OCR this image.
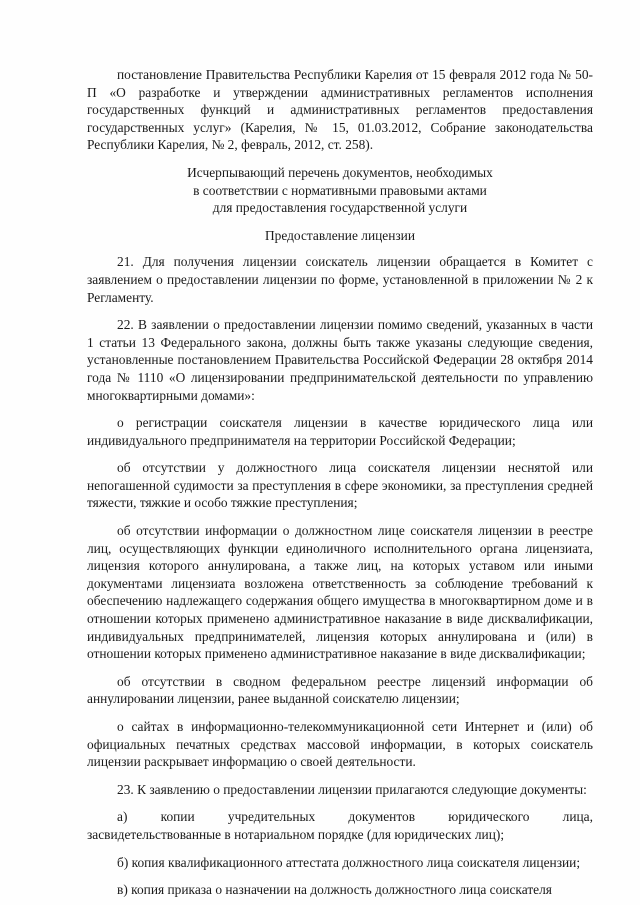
постановление Правительства Республики Карелия от 15 февраля 2012 года № 50-П «О разработке и утверждении административных регламентов исполнения государственных функций и административных регламентов предоставления государственных услуг» (Карелия, № 15, 01.03.2012, Собрание законодательства Республики Карелия, № 2, февраль, 2012, ст. 258).

Исчерпывающий перечень документов, необходимых
в соответствии с нормативными правовыми актами
для предоставления государственной услуги
Предоставление лицензии

21. Для получения лицензии соискатель лицензии обращается в Комитет с заявлением о предоставлении лицензии по форме, установленной в приложении № 2 к Регламенту.

22. В заявлении о предоставлении лицензии помимо сведений, указанных в части 1 статьи 13 Федерального закона, должны быть также указаны следующие сведения, установленные постановлением Правительства Российской Федерации 28 октября 2014 года № 1110 «О лицензировании предпринимательской деятельности по управлению многоквартирными домами»:

о регистрации соискателя лицензии в качестве юридического лица или индивидуального предпринимателя на территории Российской Федерации;

об отсутствии у должностного лица соискателя лицензии неснятой или непогашенной судимости за преступления в сфере экономики, за преступления средней тяжести, тяжкие и особо тяжкие преступления;

об отсутствии информации о должностном лице соискателя лицензии в реестре лиц, осуществляющих функции единоличного исполнительного органа лицензиата, лицензия которого аннулирована, а также лиц, на которых уставом или иными документами лицензиата возложена ответственность за соблюдение требований к обеспечению надлежащего содержания общего имущества в многоквартирном доме и в отношении которых применено административное наказание в виде дисквалификации, индивидуальных предпринимателей, лицензия которых аннулирована и (или) в отношении которых применено административное наказание в виде дисквалификации;

об отсутствии в сводном федеральном реестре лицензий информации об аннулировании лицензии, ранее выданной соискателю лицензии;

о сайтах в информационно-телекоммуникационной сети Интернет и (или) об официальных печатных средствах массовой информации, в которых соискатель лицензии раскрывает информацию о своей деятельности.

23. К заявлению о предоставлении лицензии прилагаются следующие документы:

а) копии учредительных документов юридического лица,
засвидетельствованные в нотариальном порядке (для юридических лиц);

б) копия квалификационного аттестата должностного лица соискателя лицензии;

в) копия приказа о назначении на должность должностного лица соискателя
